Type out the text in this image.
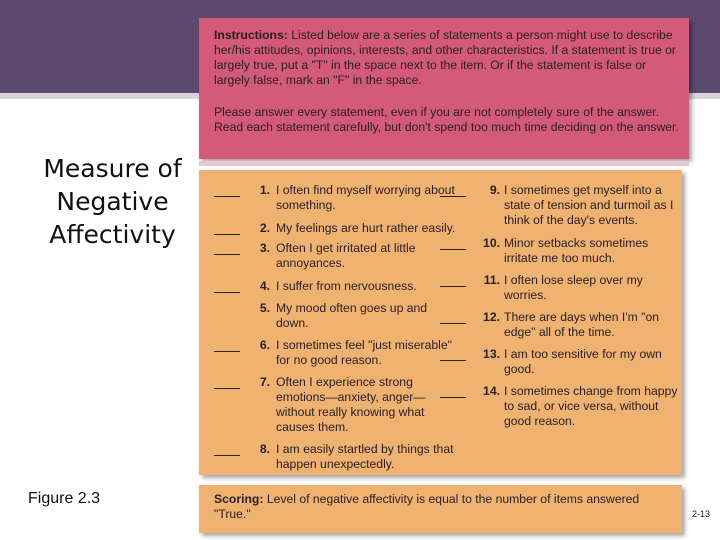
Measure of
Negative
Affectivity
Instructions: Listed below are a series of statements a person might use to describe her/his attitudes, opinions, interests, and other characteristics. If a statement is true or largely true, put a "T" in the space next to the item. Or if the statement is false or largely false, mark an "F" in the space.
Please answer every statement, even if you are not completely sure of the answer. Read each statement carefully, but don't spend too much time deciding on the answer.
1. I often find myself worrying about something.
2. My feelings are hurt rather easily.
3. Often I get irritated at little annoyances.
4. I suffer from nervousness.
5. My mood often goes up and down.
6. I sometimes feel "just miserable" for no good reason.
7. Often I experience strong emotions—anxiety, anger—without really knowing what causes them.
8. I am easily startled by things that happen unexpectedly.
9. I sometimes get myself into a state of tension and turmoil as I think of the day's events.
10. Minor setbacks sometimes irritate me too much.
11. I often lose sleep over my worries.
12. There are days when I'm "on edge" all of the time.
13. I am too sensitive for my own good.
14. I sometimes change from happy to sad, or vice versa, without good reason.
Scoring: Level of negative affectivity is equal to the number of items answered "True."
Figure 2.3
2-13
